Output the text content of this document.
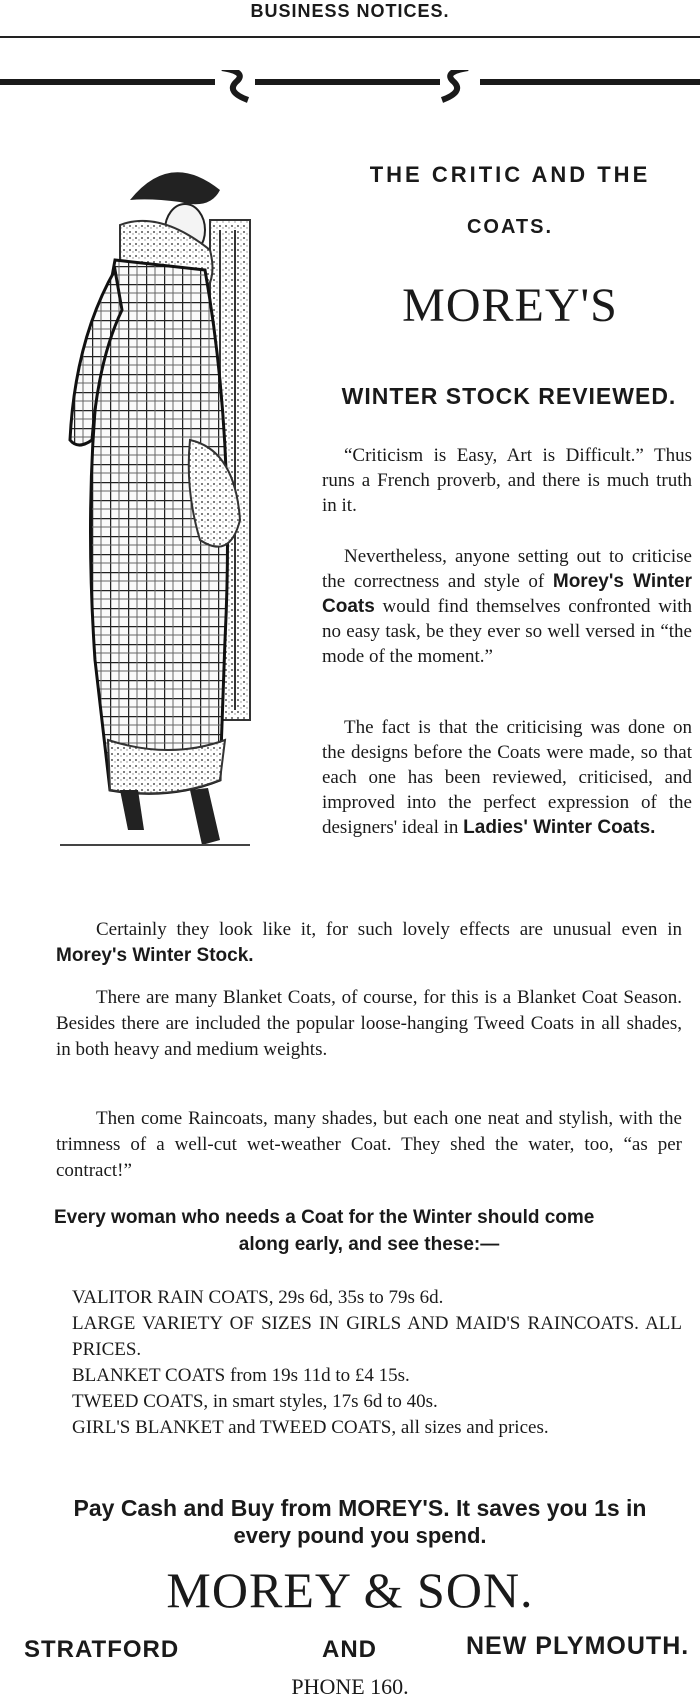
BUSINESS NOTICES.
THE CRITIC AND THE
COATS.
MOREY'S
WINTER STOCK REVIEWED.
“Criticism is Easy, Art is Difficult.” Thus runs a French proverb, and there is much truth in it.
Nevertheless, anyone setting out to criticise the correctness and style of Morey's Winter Coats would find themselves confronted with no easy task, be they ever so well versed in “the mode of the moment.”
The fact is that the criticising was done on the designs before the Coats were made, so that each one has been reviewed, criticised, and improved into the perfect expression of the designers' ideal in Ladies' Winter Coats.
Certainly they look like it, for such lovely effects are unusual even in Morey's Winter Stock.
There are many Blanket Coats, of course, for this is a Blanket Coat Season. Besides there are included the popular loose-hanging Tweed Coats in all shades, in both heavy and medium weights.
Then come Raincoats, many shades, but each one neat and stylish, with the trimness of a well-cut wet-weather Coat. They shed the water, too, “as per contract!”
Every woman who needs a Coat for the Winter should come
along early, and see these:—
VALITOR RAIN COATS, 29s 6d, 35s to 79s 6d.
LARGE VARIETY OF SIZES IN GIRLS AND MAID'S RAINCOATS. ALL PRICES.
BLANKET COATS from 19s 11d to £4 15s.
TWEED COATS, in smart styles, 17s 6d to 40s.
GIRL'S BLANKET and TWEED COATS, all sizes and prices.
Pay Cash and Buy from MOREY'S. It saves you 1s in
every pound you spend.
MOREY & SON.
STRATFORD	AND	NEW PLYMOUTH.
PHONE 160.
